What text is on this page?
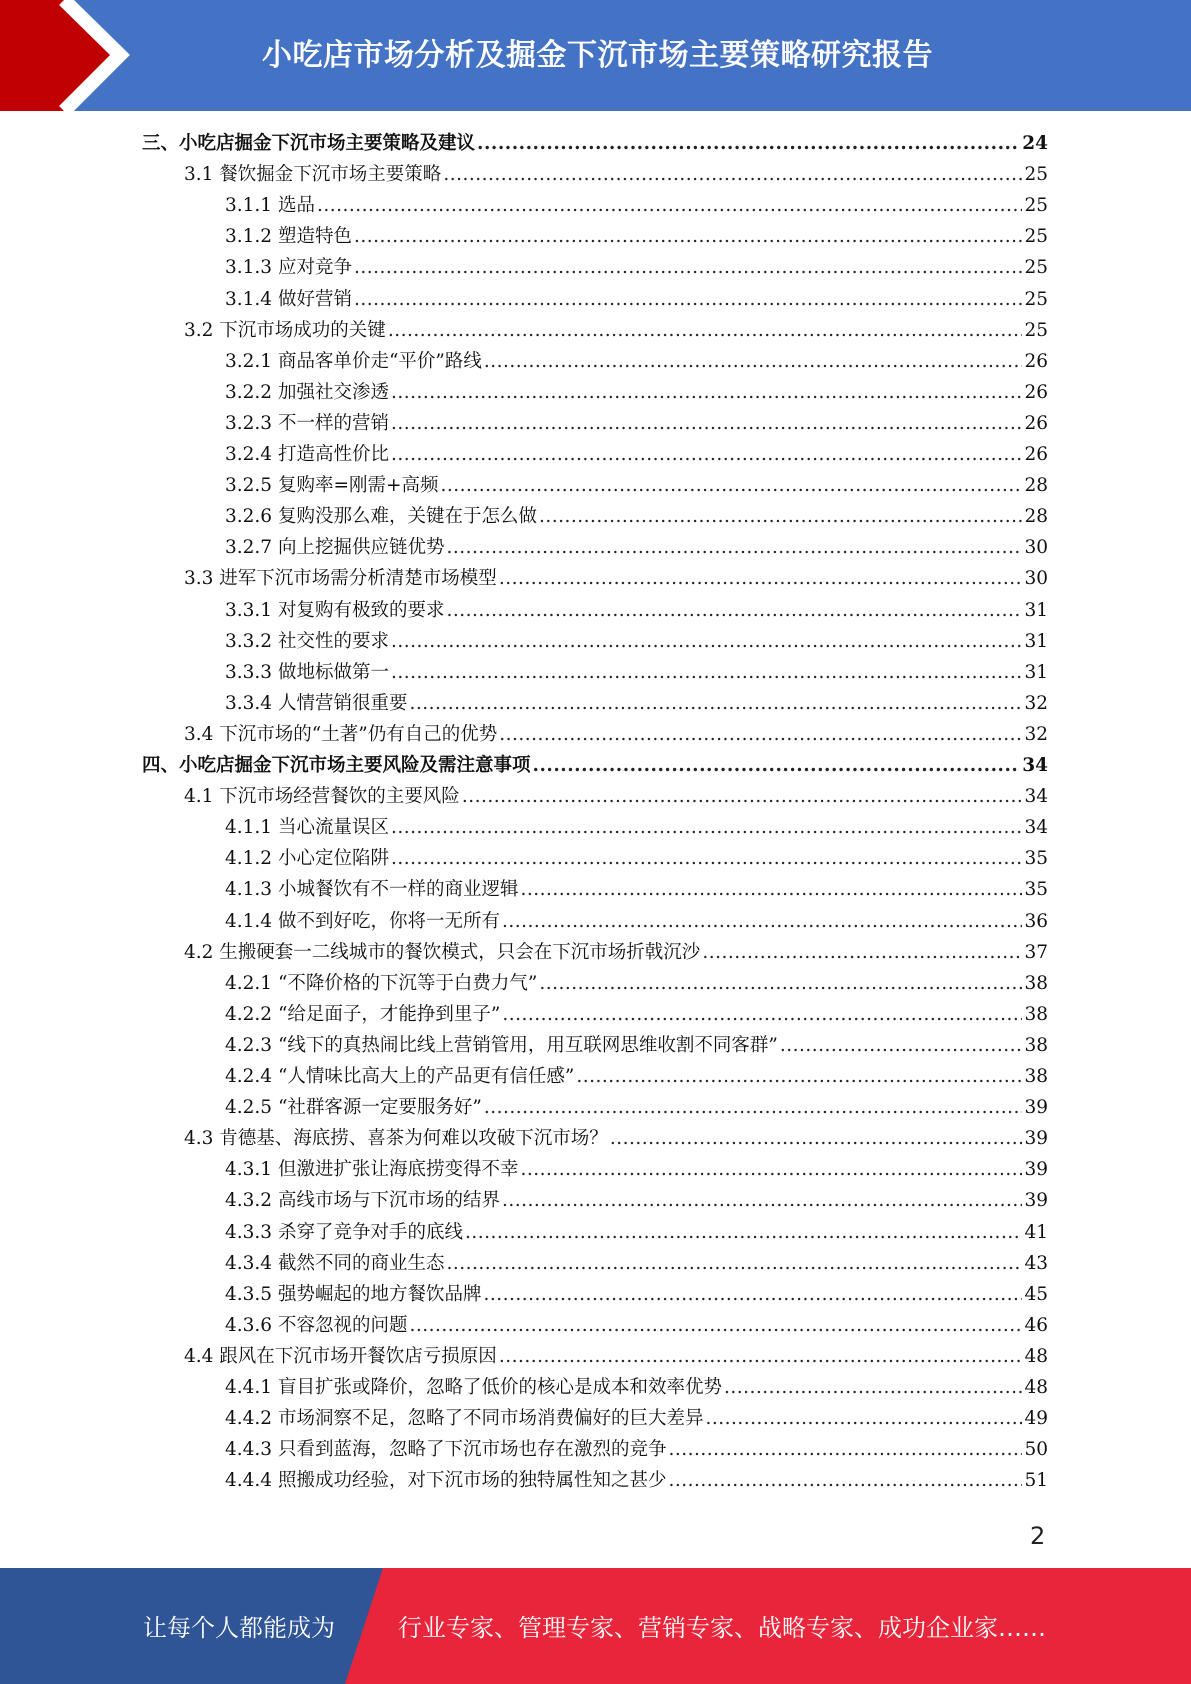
小吃店市场分析及掘金下沉市场主要策略研究报告
三、小吃店掘金下沉市场主要策略及建议 .....	24
3.1 餐饮掘金下沉市场主要策略 .....	25
3.1.1 选品 .....	25
3.1.2 塑造特色 .....	25
3.1.3 应对竞争 .....	25
3.1.4 做好营销 .....	25
3.2 下沉市场成功的关键 .....	25
3.2.1 商品客单价走“平价”路线 .....	26
3.2.2 加强社交渗透 .....	26
3.2.3 不一样的营销 .....	26
3.2.4 打造高性价比 .....	26
3.2.5 复购率=刚需+高频 .....	28
3.2.6 复购没那么难，关键在于怎么做 .....	28
3.2.7 向上挖掘供应链优势 .....	30
3.3 进军下沉市场需分析清楚市场模型 .....	30
3.3.1 对复购有极致的要求 .....	31
3.3.2 社交性的要求 .....	31
3.3.3 做地标做第一 .....	31
3.3.4 人情营销很重要 .....	32
3.4 下沉市场的“土著”仍有自己的优势 .....	32
四、小吃店掘金下沉市场主要风险及需注意事项 .....	34
4.1 下沉市场经营餐饮的主要风险 .....	34
4.1.1 当心流量误区 .....	34
4.1.2 小心定位陷阱 .....	35
4.1.3 小城餐饮有不一样的商业逻辑 .....	35
4.1.4 做不到好吃，你将一无所有 .....	36
4.2 生搬硬套一二线城市的餐饮模式，只会在下沉市场折戟沉沙 .....	37
4.2.1 “不降价格的下沉等于白费力气” .....	38
4.2.2 “给足面子，才能挣到里子” .....	38
4.2.3 “线下的真热闹比线上营销管用，用互联网思维收割不同客群” .....	38
4.2.4 “人情味比高大上的产品更有信任感” .....	38
4.2.5 “社群客源一定要服务好” .....	39
4.3 肯德基、海底捞、喜茶为何难以攻破下沉市场？ .....	39
4.3.1 但激进扩张让海底捞变得不幸 .....	39
4.3.2 高线市场与下沉市场的结界 .....	39
4.3.3 杀穿了竞争对手的底线 .....	41
4.3.4 截然不同的商业生态 .....	43
4.3.5 强势崛起的地方餐饮品牌 .....	45
4.3.6 不容忽视的问题 .....	46
4.4 跟风在下沉市场开餐饮店亏损原因 .....	48
4.4.1 盲目扩张或降价，忽略了低价的核心是成本和效率优势 .....	48
4.4.2 市场洞察不足，忽略了不同市场消费偏好的巨大差异 .....	49
4.4.3 只看到蓝海，忽略了下沉市场也存在激烈的竞争 .....	50
4.4.4 照搬成功经验，对下沉市场的独特属性知之甚少 .....	51
2
让每个人都能成为	行业专家、管理专家、营销专家、战略专家、成功企业家……
